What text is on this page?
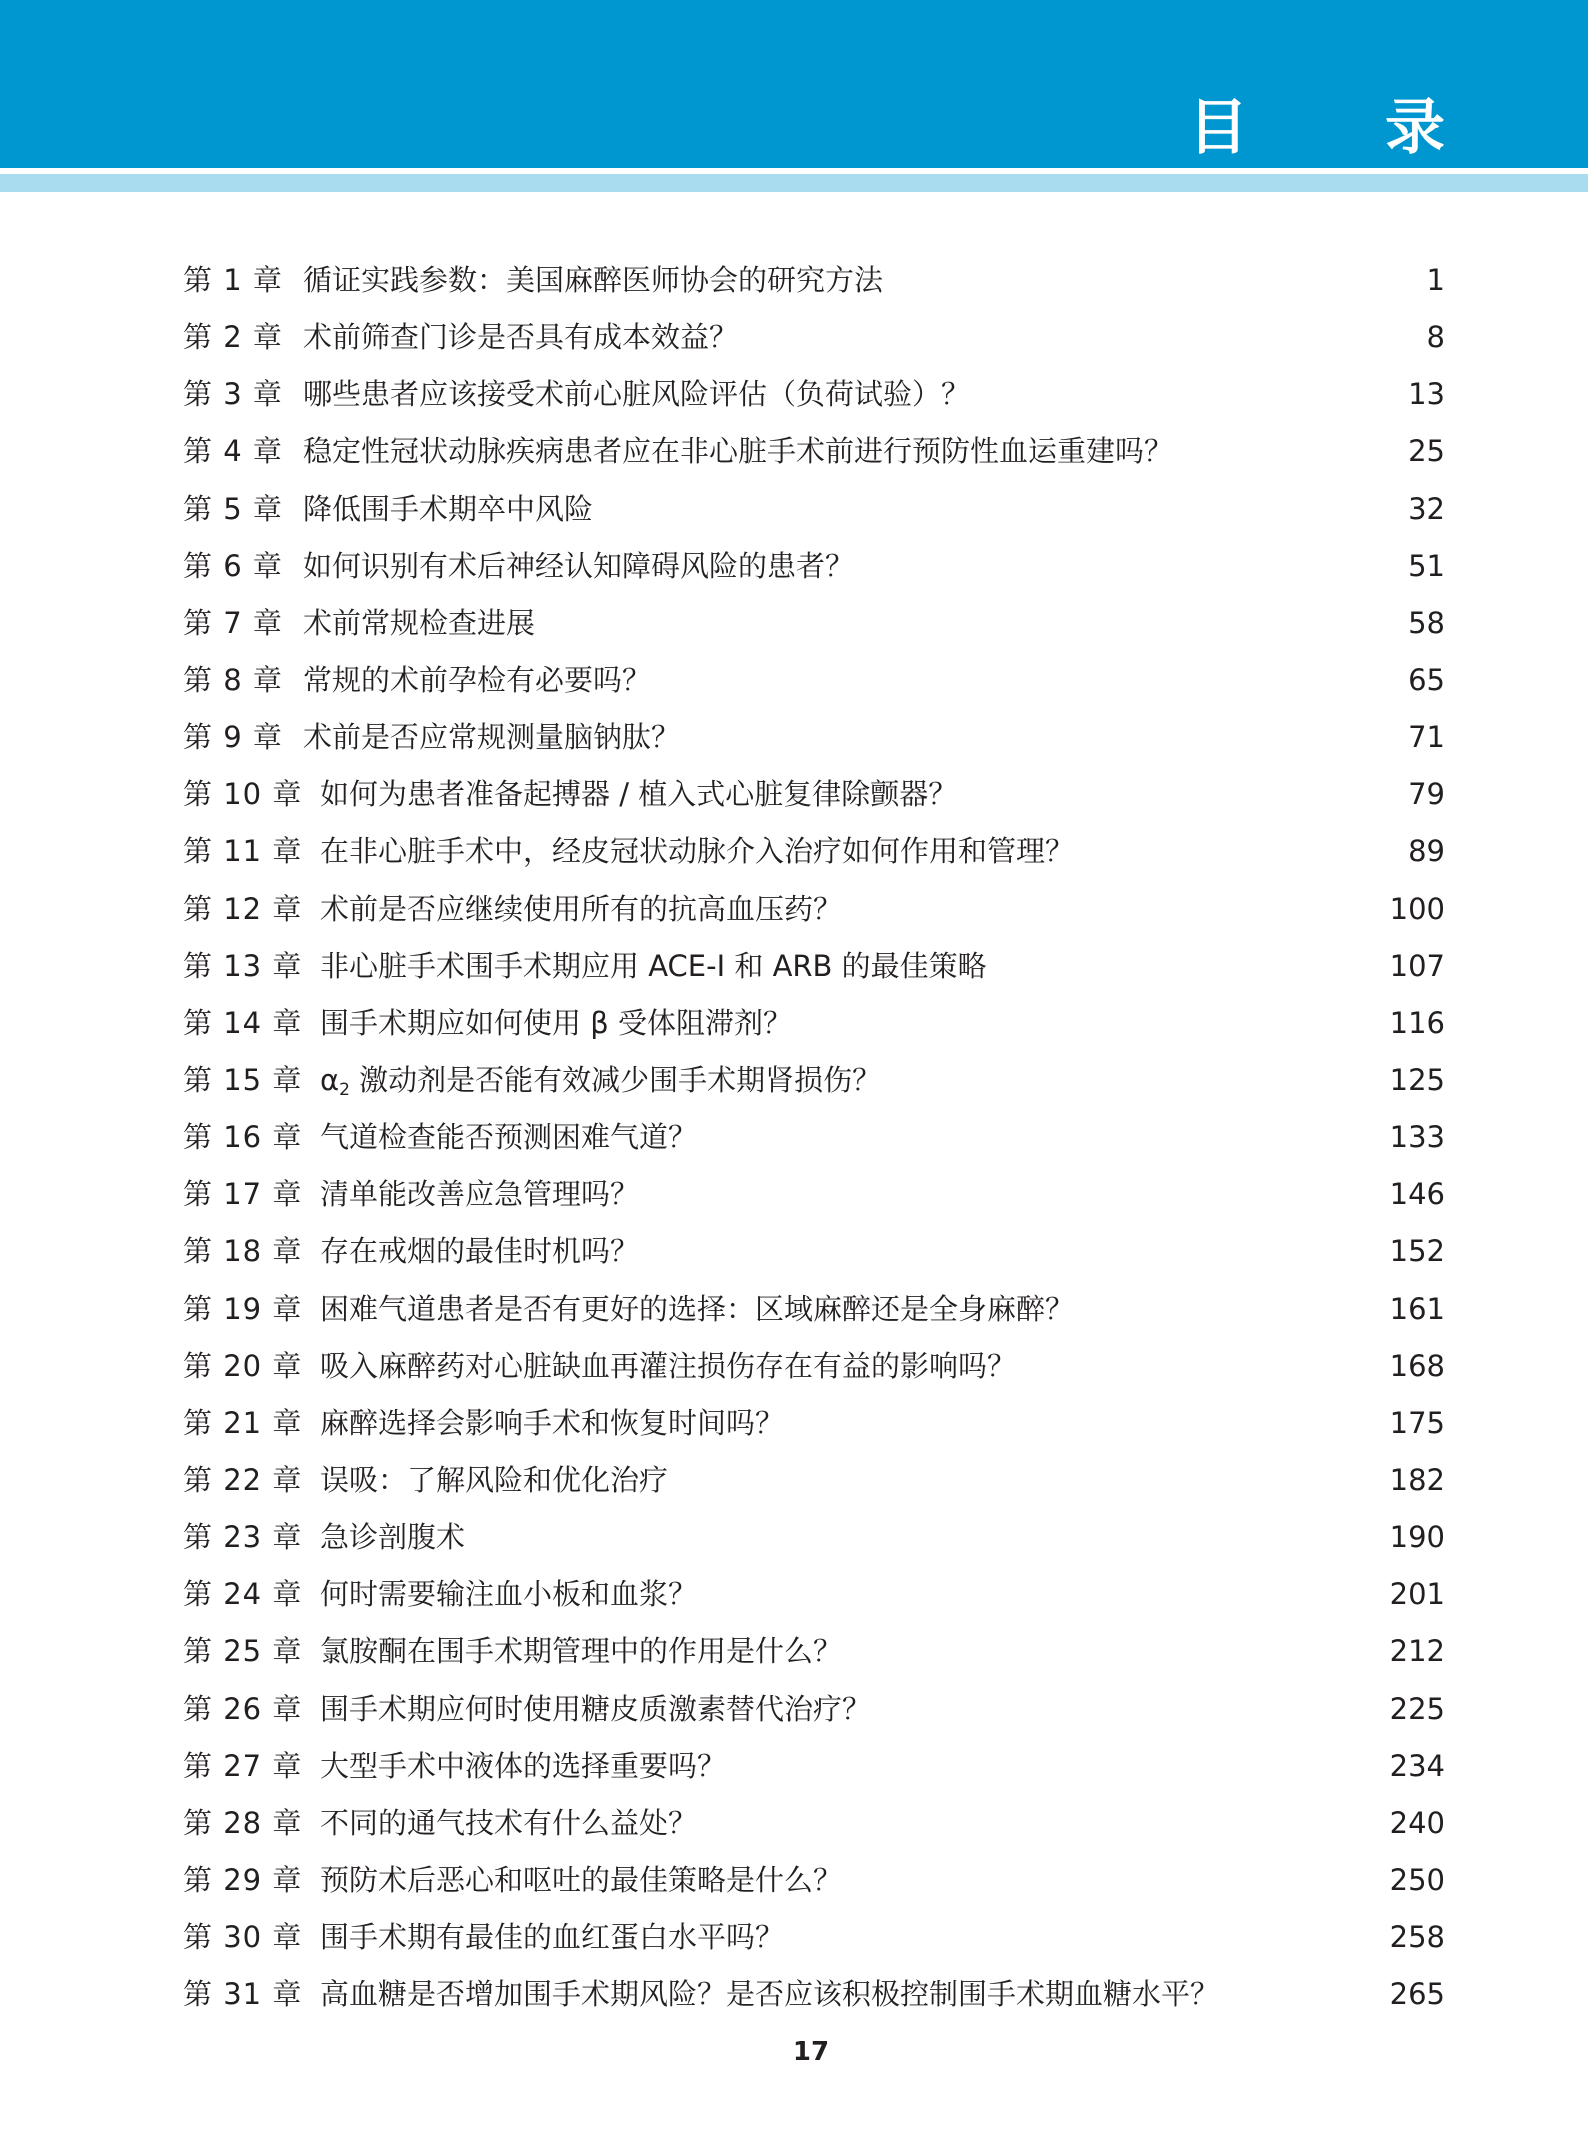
目 录
第 1 章 循证实践参数：美国麻醉医师协会的研究方法	1
第 2 章 术前筛查门诊是否具有成本效益？	8
第 3 章 哪些患者应该接受术前心脏风险评估（负荷试验）？	13
第 4 章 稳定性冠状动脉疾病患者应在非心脏手术前进行预防性血运重建吗？	25
第 5 章 降低围手术期卒中风险	32
第 6 章 如何识别有术后神经认知障碍风险的患者？	51
第 7 章 术前常规检查进展	58
第 8 章 常规的术前孕检有必要吗？	65
第 9 章 术前是否应常规测量脑钠肽？	71
第 10 章 如何为患者准备起搏器 / 植入式心脏复律除颤器？	79
第 11 章 在非心脏手术中，经皮冠状动脉介入治疗如何作用和管理？	89
第 12 章 术前是否应继续使用所有的抗高血压药？	100
第 13 章 非心脏手术围手术期应用 ACE-I 和 ARB 的最佳策略	107
第 14 章 围手术期应如何使用 β 受体阻滞剂？	116
第 15 章 $\alpha_2$ 激动剂是否能有效减少围手术期肾损伤？	125
第 16 章 气道检查能否预测困难气道？	133
第 17 章 清单能改善应急管理吗？	146
第 18 章 存在戒烟的最佳时机吗？	152
第 19 章 困难气道患者是否有更好的选择：区域麻醉还是全身麻醉？	161
第 20 章 吸入麻醉药对心脏缺血再灌注损伤存在有益的影响吗？	168
第 21 章 麻醉选择会影响手术和恢复时间吗？	175
第 22 章 误吸：了解风险和优化治疗	182
第 23 章 急诊剖腹术	190
第 24 章 何时需要输注血小板和血浆？	201
第 25 章 氯胺酮在围手术期管理中的作用是什么？	212
第 26 章 围手术期应何时使用糖皮质激素替代治疗？	225
第 27 章 大型手术中液体的选择重要吗？	234
第 28 章 不同的通气技术有什么益处？	240
第 29 章 预防术后恶心和呕吐的最佳策略是什么？	250
第 30 章 围手术期有最佳的血红蛋白水平吗？	258
第 31 章 高血糖是否增加围手术期风险？是否应该积极控制围手术期血糖水平？	265
17
